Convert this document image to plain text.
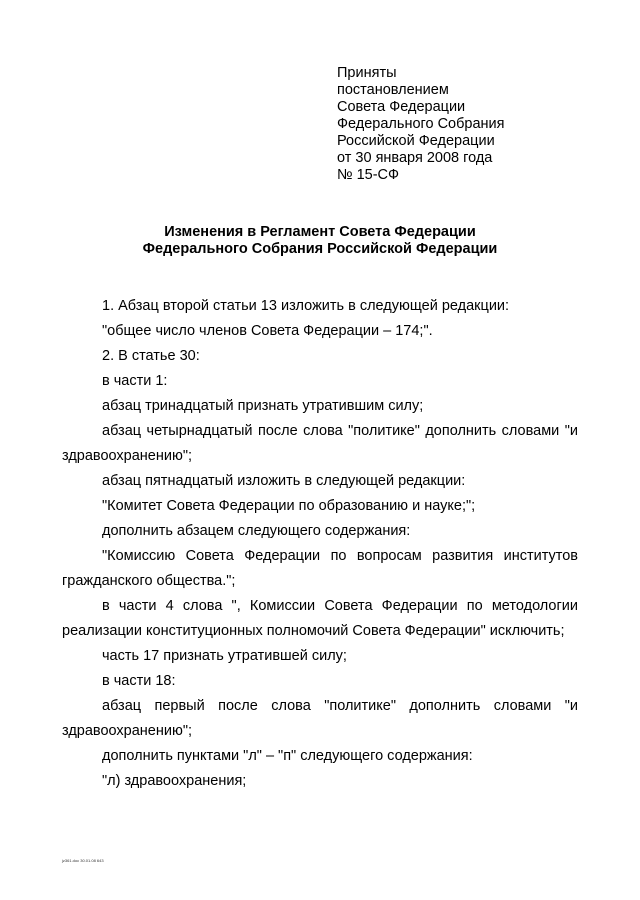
Приняты
постановлением
Совета Федерации
Федерального Собрания
Российской Федерации
от 30 января 2008 года
№ 15-СФ
Изменения в Регламент Совета Федерации
Федерального Собрания Российской Федерации

1. Абзац второй статьи 13 изложить в следующей редакции:

"общее число членов Совета Федерации – 174;".

2. В статье 30:

в части 1:

абзац тринадцатый признать утратившим силу;

абзац четырнадцатый после слова "политике" дополнить словами "и здравоохранению";

абзац пятнадцатый изложить в следующей редакции:

"Комитет Совета Федерации по образованию и науке;";

дополнить абзацем следующего содержания:

"Комиссию Совета Федерации по вопросам развития институтов гражданского общества.";

в части 4 слова ", Комиссии Совета Федерации по методологии реализации конституционных полномочий Совета Федерации" исключить;

часть 17 признать утратившей силу;

в части 18:

абзац первый после слова "политике" дополнить словами "и здравоохранению";

дополнить пунктами "л" – "п" следующего содержания:

"л) здравоохранения;

jz361.doc 30.01.08 643
